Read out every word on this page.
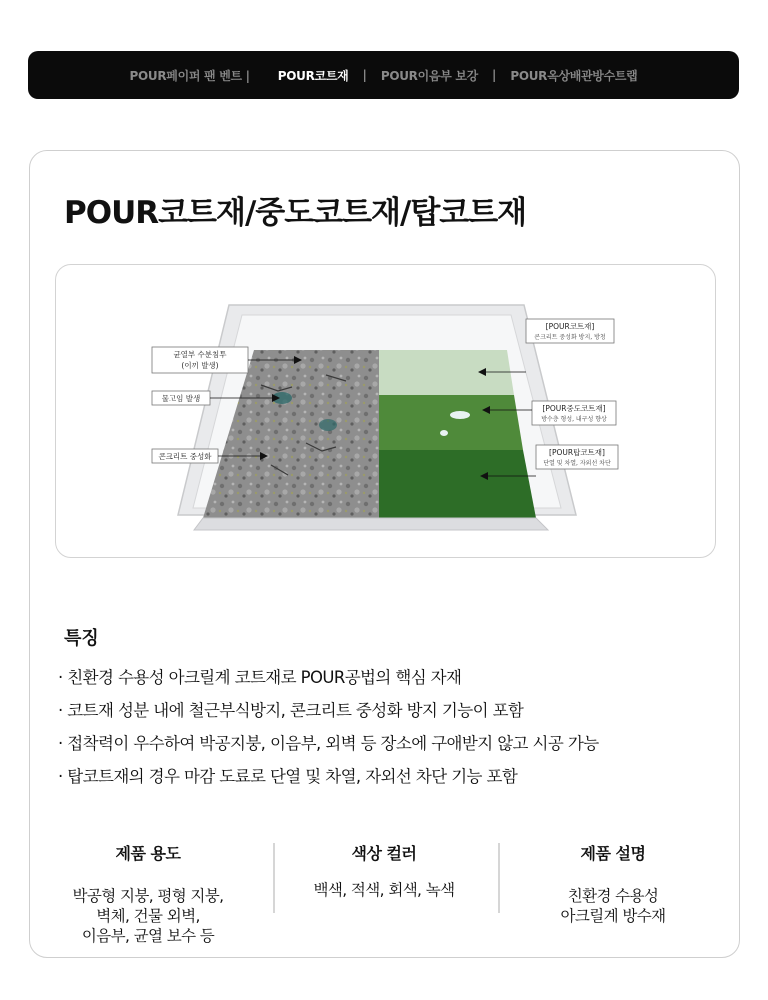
POUR페이퍼 팬 벤트 | POUR코트재 | POUR이음부 보강 | POUR옥상배관방수트랩
POUR코트재/중도코트재/탑코트재
균열부 수분침투
(이끼 발생)
물고임 발생
콘크리트 중성화
[POUR코트재]
콘크리트 중성화 방지, 방청
[POUR중도코트재]
방수층 형성, 내구성 향상
[POUR탑코트재]
단열 및 차열, 자외선 차단
특징
· 친환경 수용성 아크릴계 코트재로 POUR공법의 핵심 자재
· 코트재 성분 내에 철근부식방지, 콘크리트 중성화 방지 기능이 포함
· 접착력이 우수하여 박공지붕, 이음부, 외벽 등 장소에 구애받지 않고 시공 가능
· 탑코트재의 경우 마감 도료로 단열 및 차열, 자외선 차단 기능 포함
제품 용도

박공형 지붕, 평형 지붕,
벽체, 건물 외벽,
이음부, 균열 보수 등

색상 컬러

백색, 적색, 회색, 녹색

제품 설명

친환경 수용성
아크릴계 방수재
